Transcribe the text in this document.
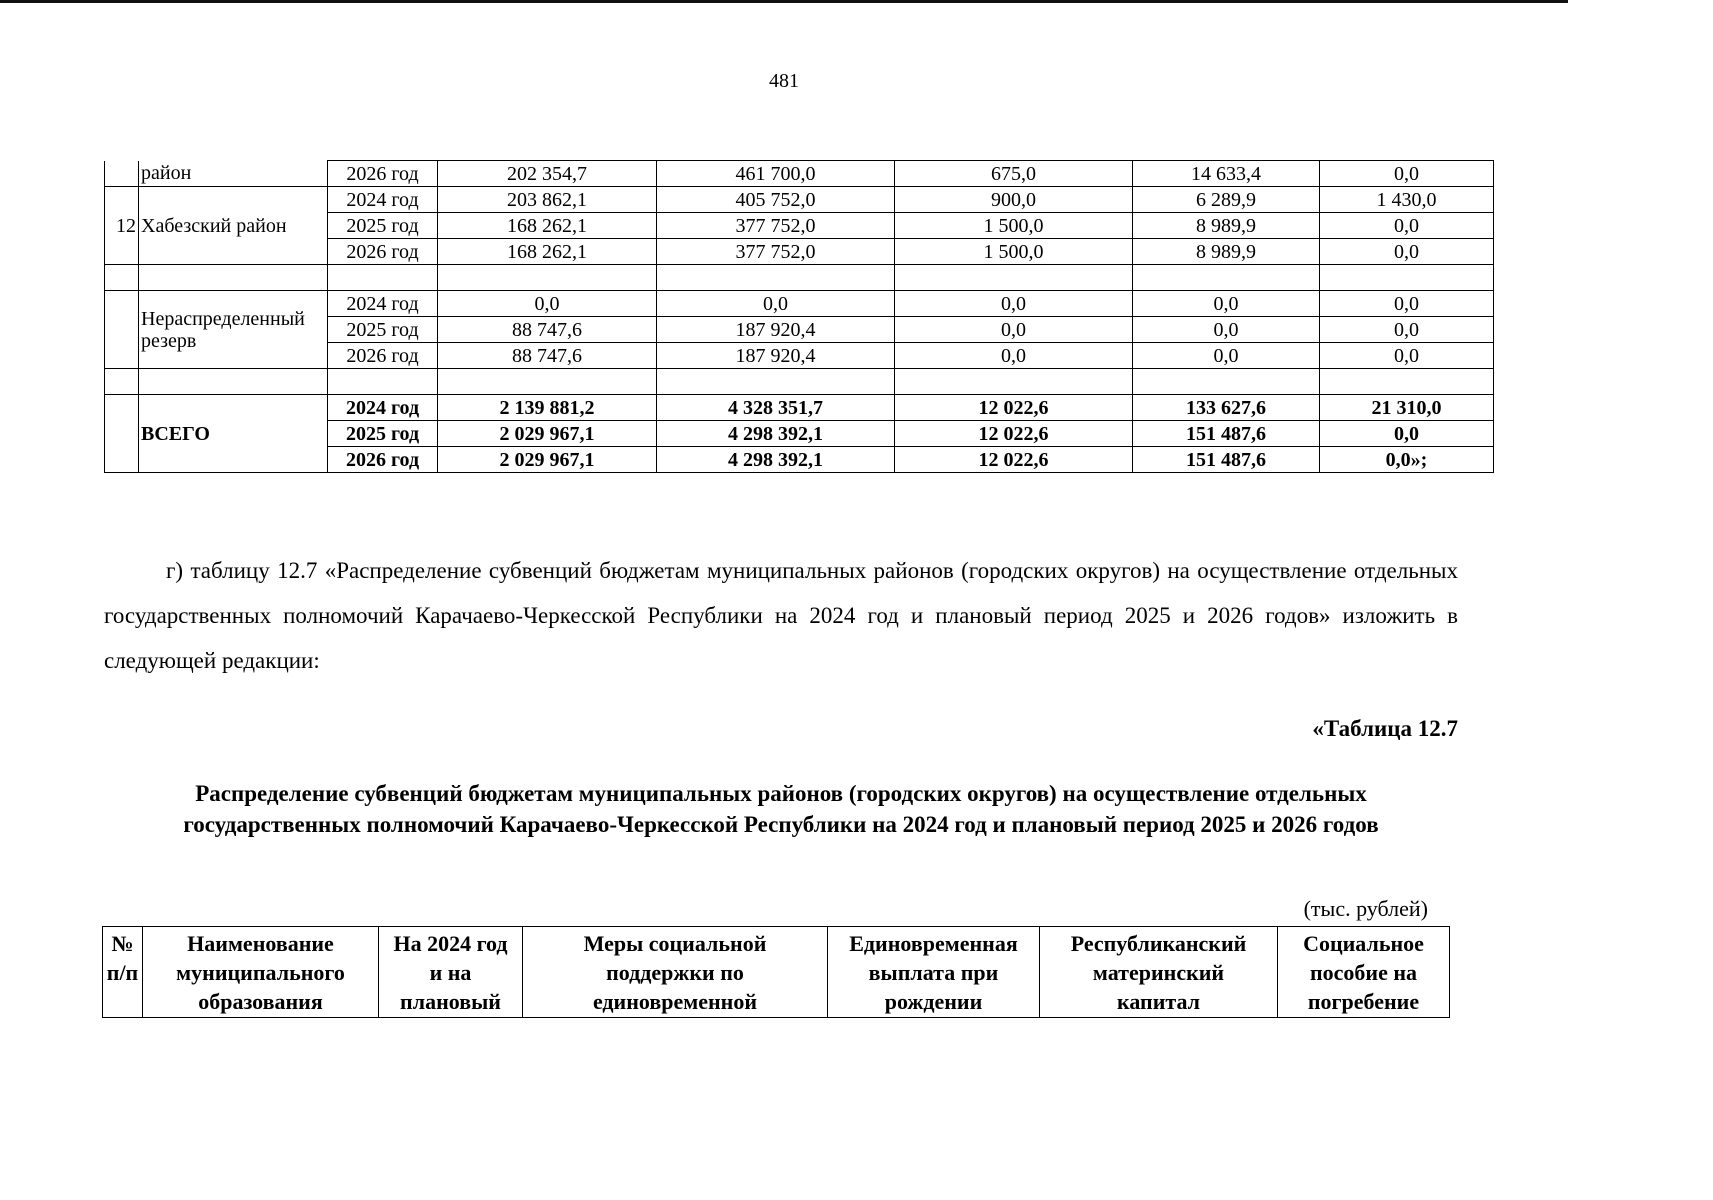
481
	район	2026 год	202 354,7	461 700,0	675,0	14 633,4	0,0
12	Хабезский район	2024 год	203 862,1	405 752,0	900,0	6 289,9	1 430,0
		2025 год	168 262,1	377 752,0	1 500,0	8 989,9	0,0
		2026 год	168 262,1	377 752,0	1 500,0	8 989,9	0,0

	Нераспределенный резерв	2024 год	0,0	0,0	0,0	0,0	0,0
		2025 год	88 747,6	187 920,4	0,0	0,0	0,0
		2026 год	88 747,6	187 920,4	0,0	0,0	0,0

	ВСЕГО	2024 год	2 139 881,2	4 328 351,7	12 022,6	133 627,6	21 310,0
		2025 год	2 029 967,1	4 298 392,1	12 022,6	151 487,6	0,0
		2026 год	2 029 967,1	4 298 392,1	12 022,6	151 487,6	0,0»;

г) таблицу 12.7 «Распределение субвенций бюджетам муниципальных районов (городских округов) на осуществление отдельных государственных полномочий Карачаево-Черкесской Республики на 2024 год и плановый период 2025 и 2026 годов» изложить в следующей редакции:

«Таблица 12.7
Распределение субвенций бюджетам муниципальных районов (городских округов) на осуществление отдельных государственных полномочий Карачаево-Черкесской Республики на 2024 год и плановый период 2025 и 2026 годов
(тыс. рублей)
№
п/п

Наименование
муниципального
образования

На 2024 год
и на
плановый

Меры социальной
поддержки по
единовременной

Единовременная
выплата при
рождении

Республиканский
материнский
капитал

Социальное
пособие на
погребение
